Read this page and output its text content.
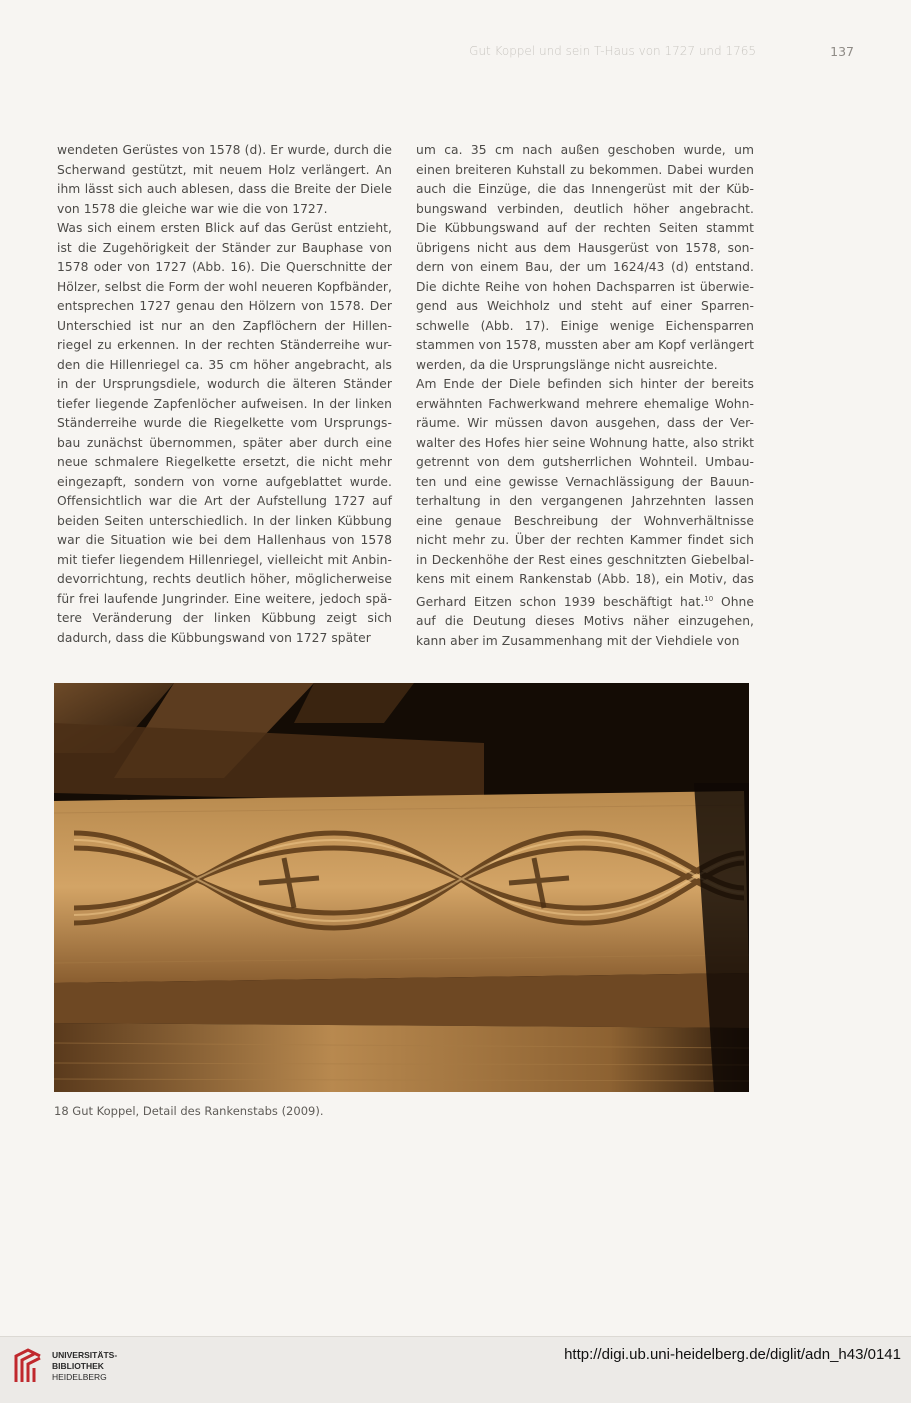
Gut Koppel und sein T-Haus von 1727 und 1765	137
wendeten Gerüstes von 1578 (d). Er wurde, durch die
Scherwand gestützt, mit neuem Holz verlängert. An
ihm lässt sich auch ablesen, dass die Breite der Diele
von 1578 die gleiche war wie die von 1727.
Was sich einem ersten Blick auf das Gerüst entzieht,
ist die Zugehörigkeit der Ständer zur Bauphase von
1578 oder von 1727 (Abb. 16). Die Querschnitte der
Hölzer, selbst die Form der wohl neueren Kopfbänder,
entsprechen 1727 genau den Hölzern von 1578. Der
Unterschied ist nur an den Zapflöchern der Hillen-
riegel zu erkennen. In der rechten Ständerreihe wur-
den die Hillenriegel ca. 35 cm höher angebracht, als
in der Ursprungsdiele, wodurch die älteren Ständer
tiefer liegende Zapfenlöcher aufweisen. In der linken
Ständerreihe wurde die Riegelkette vom Ursprungs-
bau zunächst übernommen, später aber durch eine
neue schmalere Riegelkette ersetzt, die nicht mehr
eingezapft, sondern von vorne aufgeblattet wurde.
Offensichtlich war die Art der Aufstellung 1727 auf
beiden Seiten unterschiedlich. In der linken Kübbung
war die Situation wie bei dem Hallenhaus von 1578
mit tiefer liegendem Hillenriegel, vielleicht mit Anbin-
devorrichtung, rechts deutlich höher, möglicherweise
für frei laufende Jungrinder. Eine weitere, jedoch spä-
tere Veränderung der linken Kübbung zeigt sich
dadurch, dass die Kübbungswand von 1727 später
um ca. 35 cm nach außen geschoben wurde, um
einen breiteren Kuhstall zu bekommen. Dabei wurden
auch die Einzüge, die das Innengerüst mit der Küb-
bungswand verbinden, deutlich höher angebracht.
Die Kübbungswand auf der rechten Seiten stammt
übrigens nicht aus dem Hausgerüst von 1578, son-
dern von einem Bau, der um 1624/43 (d) entstand.
Die dichte Reihe von hohen Dachsparren ist überwie-
gend aus Weichholz und steht auf einer Sparren-
schwelle (Abb. 17). Einige wenige Eichensparren
stammen von 1578, mussten aber am Kopf verlängert
werden, da die Ursprungslänge nicht ausreichte.
Am Ende der Diele befinden sich hinter der bereits
erwähnten Fachwerkwand mehrere ehemalige Wohn-
räume. Wir müssen davon ausgehen, dass der Ver-
walter des Hofes hier seine Wohnung hatte, also strikt
getrennt von dem gutsherrlichen Wohnteil. Umbau-
ten und eine gewisse Vernachlässigung der Bauun-
terhaltung in den vergangenen Jahrzehnten lassen
eine genaue Beschreibung der Wohnverhältnisse
nicht mehr zu. Über der rechten Kammer findet sich
in Deckenhöhe der Rest eines geschnitzten Giebelbal-
kens mit einem Rankenstab (Abb. 18), ein Motiv, das
Gerhard Eitzen schon 1939 beschäftigt hat.$^{10}$ Ohne
auf die Deutung dieses Motivs näher einzugehen,
kann aber im Zusammenhang mit der Viehdiele von
18 Gut Koppel, Detail des Rankenstabs (2009).
UNIVERSITÄTS-
BIBLIOTHEK
HEIDELBERG
http://digi.ub.uni-heidelberg.de/diglit/adn_h43/0141
